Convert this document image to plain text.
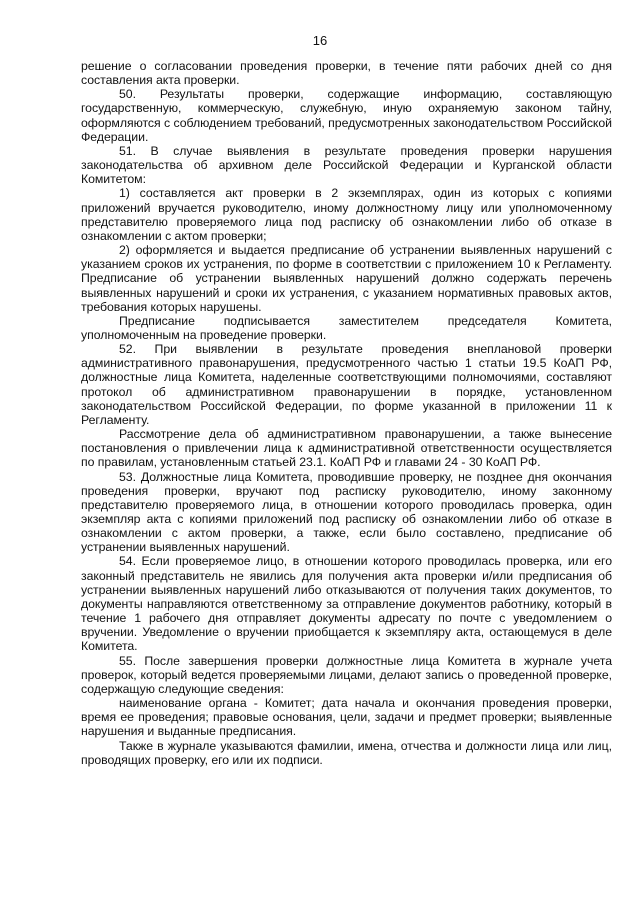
16

решение о согласовании проведения проверки, в течение пяти рабочих дней со дня составления акта проверки.

50. Результаты проверки, содержащие информацию, составляющую государственную, коммерческую, служебную, иную охраняемую законом тайну, оформляются с соблюдением требований, предусмотренных законодательством Российской Федерации.

51. В случае выявления в результате проведения проверки нарушения законодательства об архивном деле Российской Федерации и Курганской области Комитетом:

1) составляется акт проверки в 2 экземплярах, один из которых с копиями приложений вручается руководителю, иному должностному лицу или уполномоченному представителю проверяемого лица под расписку об ознакомлении либо об отказе в ознакомлении с актом проверки;

2) оформляется и выдается предписание об устранении выявленных нарушений с указанием сроков их устранения, по форме в соответствии с приложением 10 к Регламенту. Предписание об устранении выявленных нарушений должно содержать перечень выявленных нарушений и сроки их устранения, с указанием нормативных правовых актов, требования которых нарушены.

Предписание подписывается заместителем председателя Комитета, уполномоченным на проведение проверки.

52. При выявлении в результате проведения внеплановой проверки административного правонарушения, предусмотренного частью 1 статьи 19.5 КоАП РФ, должностные лица Комитета, наделенные соответствующими полномочиями, составляют протокол об административном правонарушении в порядке, установленном законодательством Российской Федерации, по форме указанной в приложении 11 к Регламенту.

Рассмотрение дела об административном правонарушении, а также вынесение постановления о привлечении лица к административной ответственности осуществляется по правилам, установленным статьей 23.1. КоАП РФ и главами 24 - 30 КоАП РФ.

53. Должностные лица Комитета, проводившие проверку, не позднее дня окончания проведения проверки, вручают под расписку руководителю, иному законному представителю проверяемого лица, в отношении которого проводилась проверка, один экземпляр акта с копиями приложений под расписку об ознакомлении либо об отказе в ознакомлении с актом проверки, а также, если было составлено, предписание об устранении выявленных нарушений.

54. Если проверяемое лицо, в отношении которого проводилась проверка, или его законный представитель не явились для получения акта проверки и/или предписания об устранении выявленных нарушений либо отказываются от получения таких документов, то документы направляются ответственному за отправление документов работнику, который в течение 1 рабочего дня отправляет документы адресату по почте с уведомлением о вручении. Уведомление о вручении приобщается к экземпляру акта, остающемуся в деле Комитета.

55. После завершения проверки должностные лица Комитета в журнале учета проверок, который ведется проверяемыми лицами, делают запись о проведенной проверке, содержащую следующие сведения:

наименование органа - Комитет; дата начала и окончания проведения проверки, время ее проведения; правовые основания, цели, задачи и предмет проверки; выявленные нарушения и выданные предписания.

Также в журнале указываются фамилии, имена, отчества и должности лица или лиц, проводящих проверку, его или их подписи.
